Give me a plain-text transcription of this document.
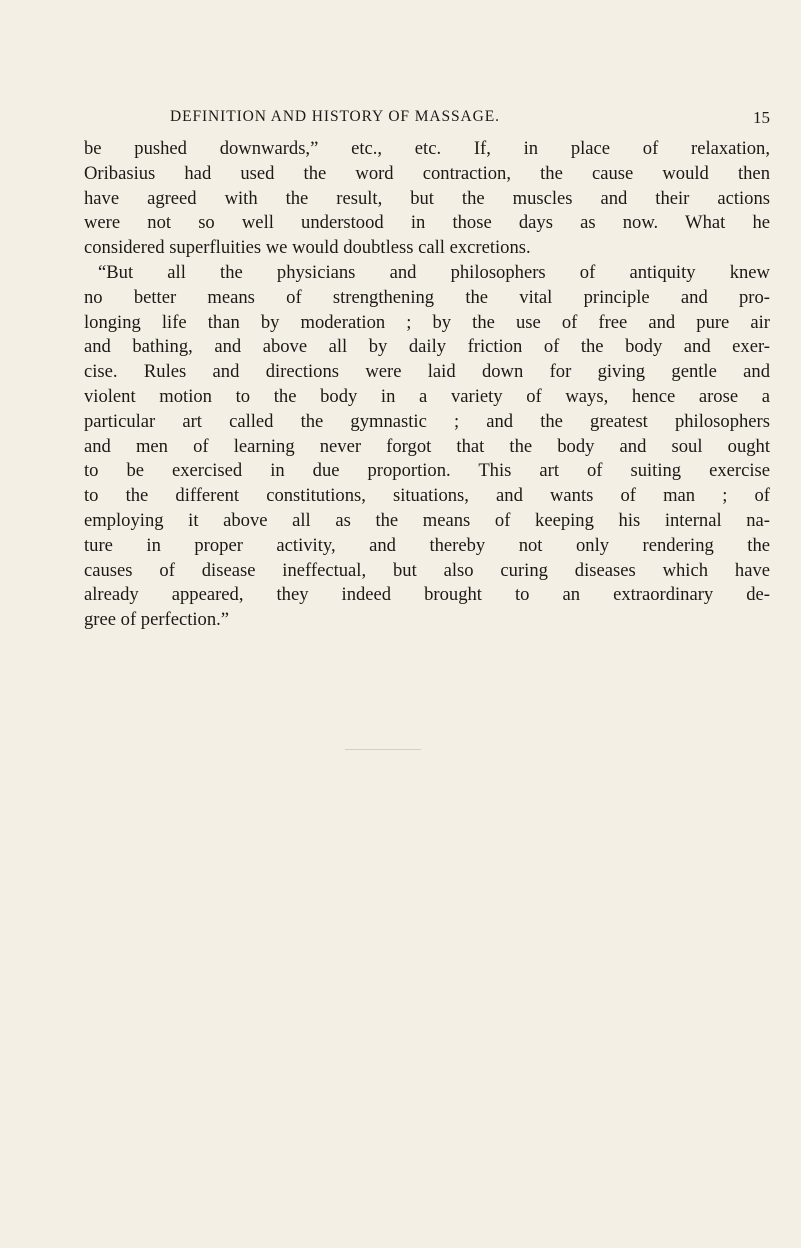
DEFINITION AND HISTORY OF MASSAGE.	15
be pushed downwards,” etc., etc. If, in place of relaxation,
Oribasius had used the word contraction, the cause would then
have agreed with the result, but the muscles and their actions
were not so well understood in those days as now. What he
considered superfluities we would doubtless call excretions.
“But all the physicians and philosophers of antiquity knew
no better means of strengthening the vital principle and pro-
longing life than by moderation ; by the use of free and pure air
and bathing, and above all by daily friction of the body and exer-
cise. Rules and directions were laid down for giving gentle and
violent motion to the body in a variety of ways, hence arose a
particular art called the gymnastic ; and the greatest philosophers
and men of learning never forgot that the body and soul ought
to be exercised in due proportion. This art of suiting exercise
to the different constitutions, situations, and wants of man ; of
employing it above all as the means of keeping his internal na-
ture in proper activity, and thereby not only rendering the
causes of disease ineffectual, but also curing diseases which have
already appeared, they indeed brought to an extraordinary de-
gree of perfection.”
